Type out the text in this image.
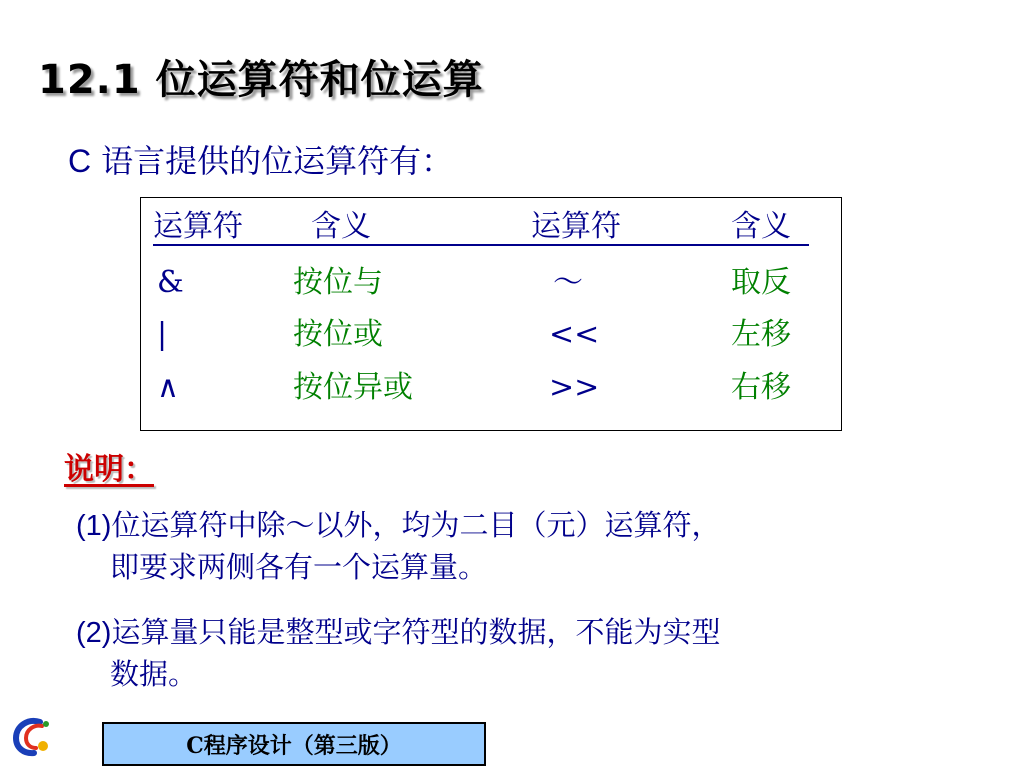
12.1 位运算符和位运算
C 语言提供的位运算符有：
运算符 含义	运算符	含义
&	按位与	～	取反
|	按位或	<<	左移
∧	按位异或	>>	右移
说明：
(1)位运算符中除～以外，均为二目（元）运算符，
即要求两侧各有一个运算量。
(2)运算量只能是整型或字符型的数据，不能为实型
数据。
C程序设计（第三版）
